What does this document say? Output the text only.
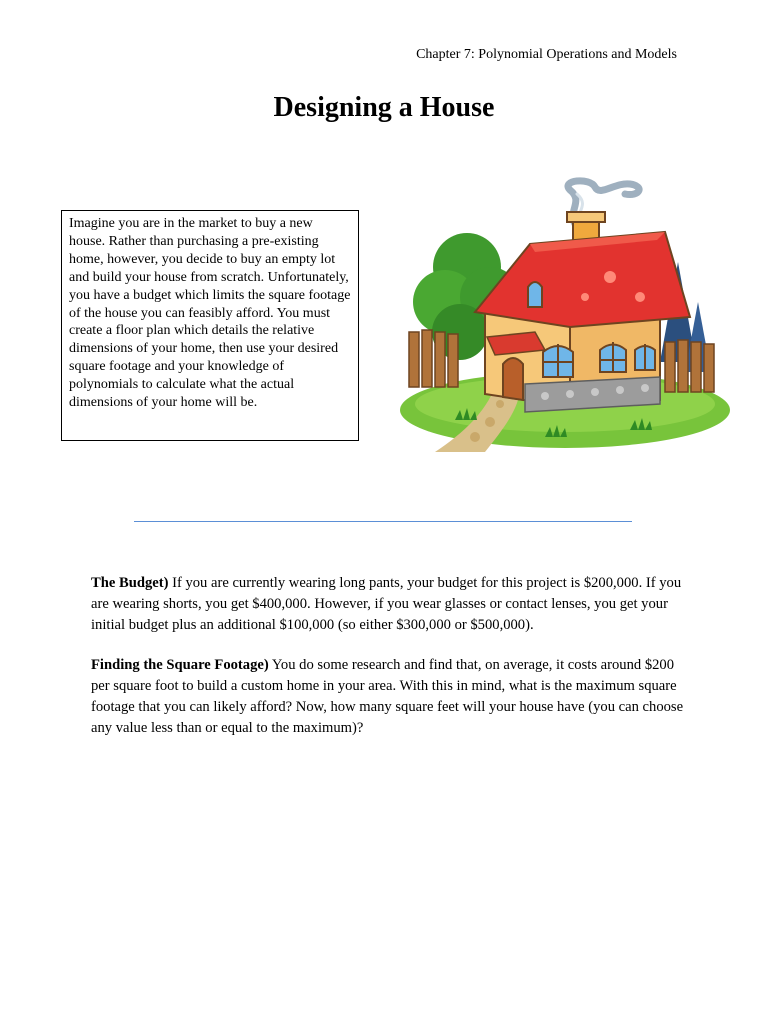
Chapter 7: Polynomial Operations and Models
Designing a House
Imagine you are in the market to buy a new house. Rather than purchasing a pre-existing home, however, you decide to buy an empty lot and build your house from scratch. Unfortunately, you have a budget which limits the square footage of the house you can feasibly afford. You must create a floor plan which details the relative dimensions of your home, then use your desired square footage and your knowledge of polynomials to calculate what the actual dimensions of your home will be.

The Budget) If you are currently wearing long pants, your budget for this project is $200,000. If you are wearing shorts, you get $400,000. However, if you wear glasses or contact lenses, you get your initial budget plus an additional $100,000 (so either $300,000 or $500,000).

Finding the Square Footage) You do some research and find that, on average, it costs around $200 per square foot to build a custom home in your area. With this in mind, what is the maximum square footage that you can likely afford? Now, how many square feet will your house have (you can choose any value less than or equal to the maximum)?
